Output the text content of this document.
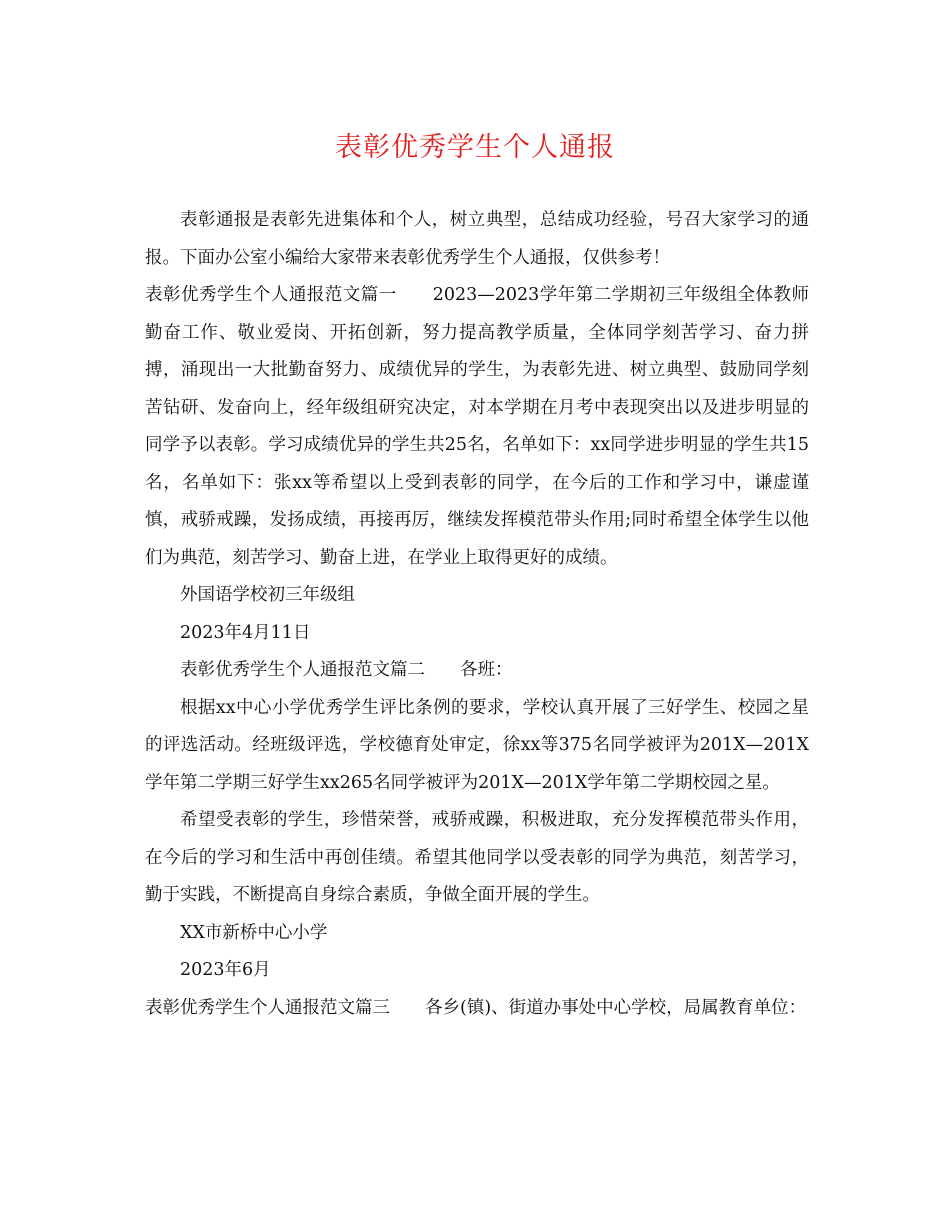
表彰优秀学生个人通报

表彰通报是表彰先进集体和个人，树立典型，总结成功经验，号召大家学习的通报。下面办公室小编给大家带来表彰优秀学生个人通报，仅供参考！

表彰优秀学生个人通报范文篇一　　2023—2023学年第二学期初三年级组全体教师勤奋工作、敬业爱岗、开拓创新，努力提高教学质量，全体同学刻苦学习、奋力拼搏，涌现出一大批勤奋努力、成绩优异的学生，为表彰先进、树立典型、鼓励同学刻苦钻研、发奋向上，经年级组研究决定，对本学期在月考中表现突出以及进步明显的同学予以表彰。学习成绩优异的学生共25名，名单如下：xx同学进步明显的学生共15名，名单如下：张xx等希望以上受到表彰的同学，在今后的工作和学习中，谦虚谨慎，戒骄戒躁，发扬成绩，再接再厉，继续发挥模范带头作用;同时希望全体学生以他们为典范，刻苦学习、勤奋上进，在学业上取得更好的成绩。

外国语学校初三年级组

2023年4月11日

表彰优秀学生个人通报范文篇二　　各班：

根据xx中心小学优秀学生评比条例的要求，学校认真开展了三好学生、校园之星的评选活动。经班级评选，学校德育处审定，徐xx等375名同学被评为201X—201X学年第二学期三好学生xx265名同学被评为201X—201X学年第二学期校园之星。

希望受表彰的学生，珍惜荣誉，戒骄戒躁，积极进取，充分发挥模范带头作用，在今后的学习和生活中再创佳绩。希望其他同学以受表彰的同学为典范，刻苦学习，勤于实践，不断提高自身综合素质，争做全面开展的学生。

XX市新桥中心小学

2023年6月

表彰优秀学生个人通报范文篇三　　各乡(镇)、街道办事处中心学校，局属教育单位：
